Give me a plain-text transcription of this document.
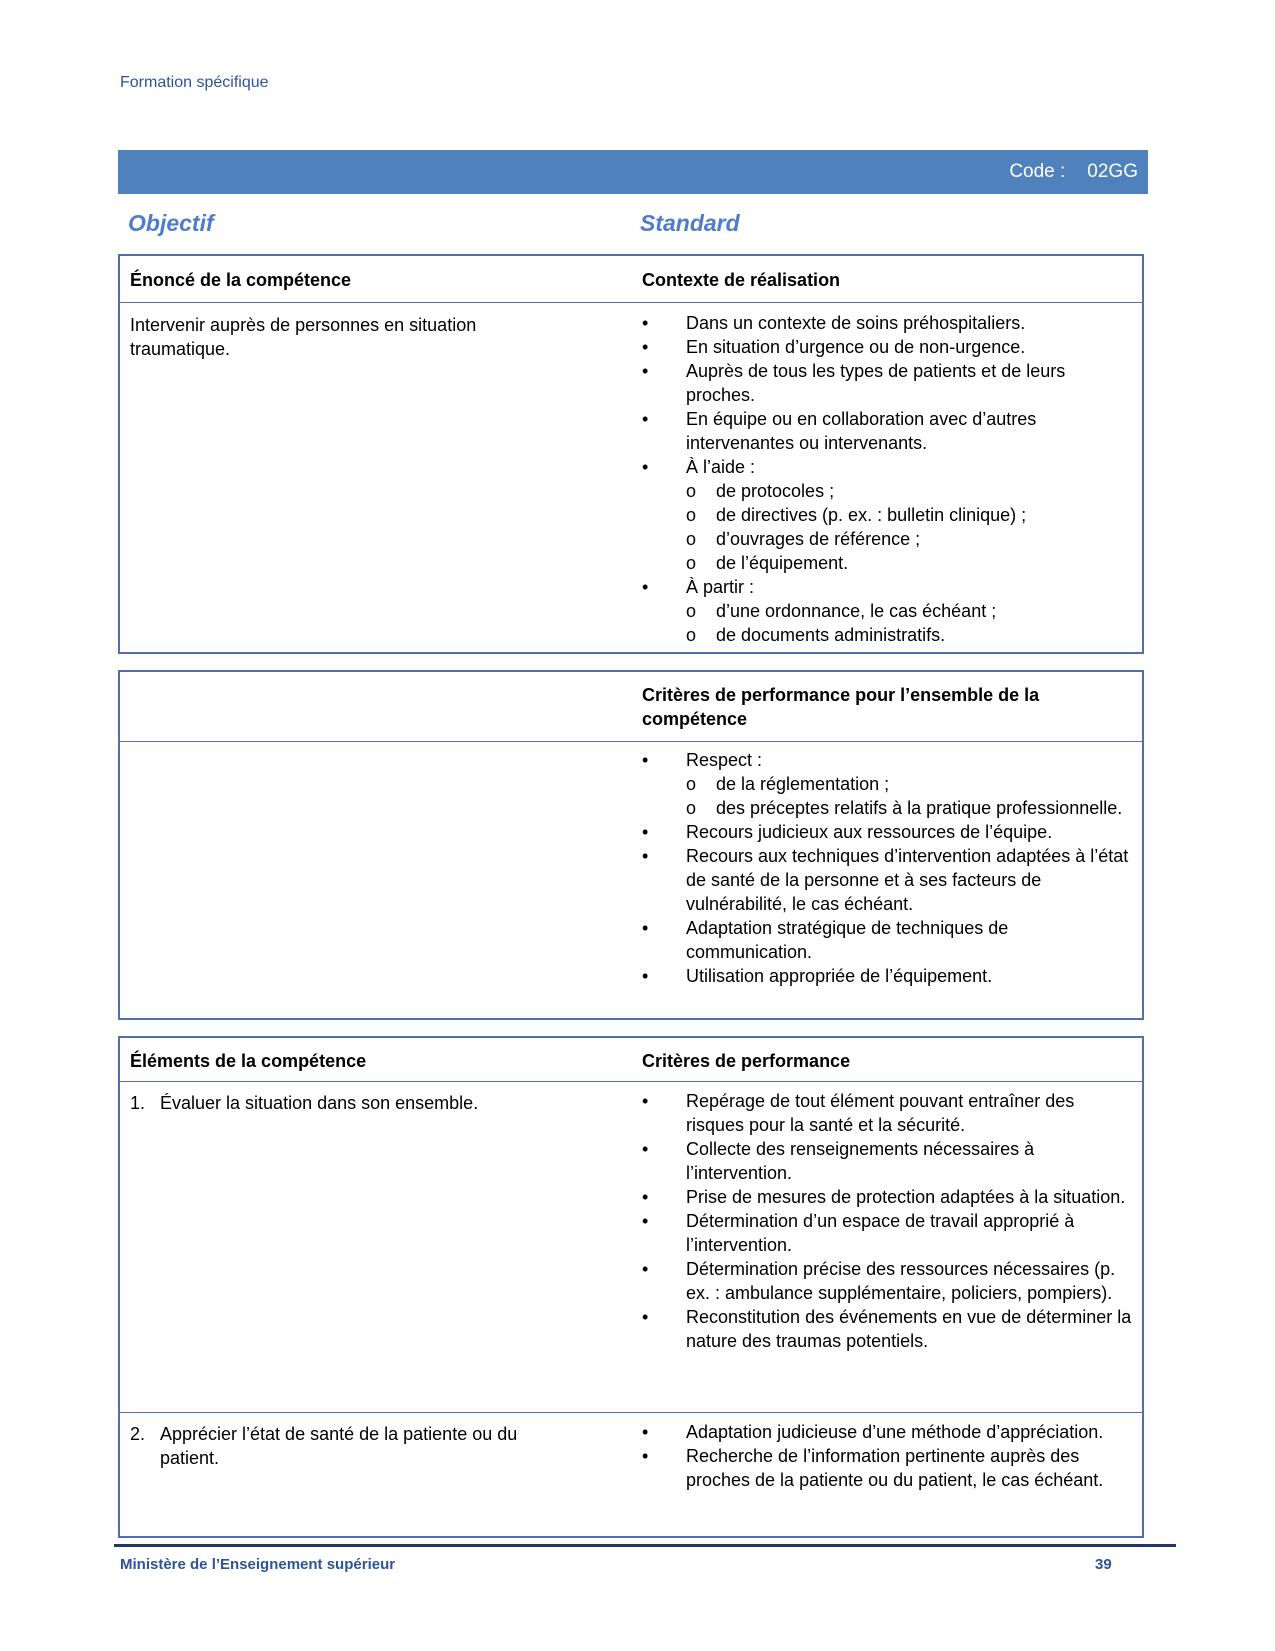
Formation spécifique
Code : 02GG
Objectif	Standard
Énoncé de la compétence	Contexte de réalisation
Intervenir auprès de personnes en situation traumatique.
•	Dans un contexte de soins préhospitaliers.
•	En situation d’urgence ou de non-urgence.
•	Auprès de tous les types de patients et de leurs proches.
•	En équipe ou en collaboration avec d’autres intervenantes ou intervenants.
•	À l’aide :
o de protocoles ;
o de directives (p. ex. : bulletin clinique) ;
o d’ouvrages de référence ;
o de l’équipement.
•	À partir :
o d’une ordonnance, le cas échéant ;
o de documents administratifs.
Critères de performance pour l’ensemble de la compétence
•	Respect :
o de la réglementation ;
o des préceptes relatifs à la pratique professionnelle.
•	Recours judicieux aux ressources de l’équipe.
•	Recours aux techniques d’intervention adaptées à l’état de santé de la personne et à ses facteurs de vulnérabilité, le cas échéant.
•	Adaptation stratégique de techniques de communication.
•	Utilisation appropriée de l’équipement.
Éléments de la compétence	Critères de performance
1. Évaluer la situation dans son ensemble.	•	Repérage de tout élément pouvant entraîner des risques pour la santé et la sécurité.
•	Collecte des renseignements nécessaires à l’intervention.
•	Prise de mesures de protection adaptées à la situation.
•	Détermination d’un espace de travail approprié à l’intervention.
•	Détermination précise des ressources nécessaires (p. ex. : ambulance supplémentaire, policiers, pompiers).
•	Reconstitution des événements en vue de déterminer la nature des traumas potentiels.
2. Apprécier l’état de santé de la patiente ou du patient.
•	Adaptation judicieuse d’une méthode d’appréciation.
•	Recherche de l’information pertinente auprès des proches de la patiente ou du patient, le cas échéant.
Ministère de l’Enseignement supérieur	39
